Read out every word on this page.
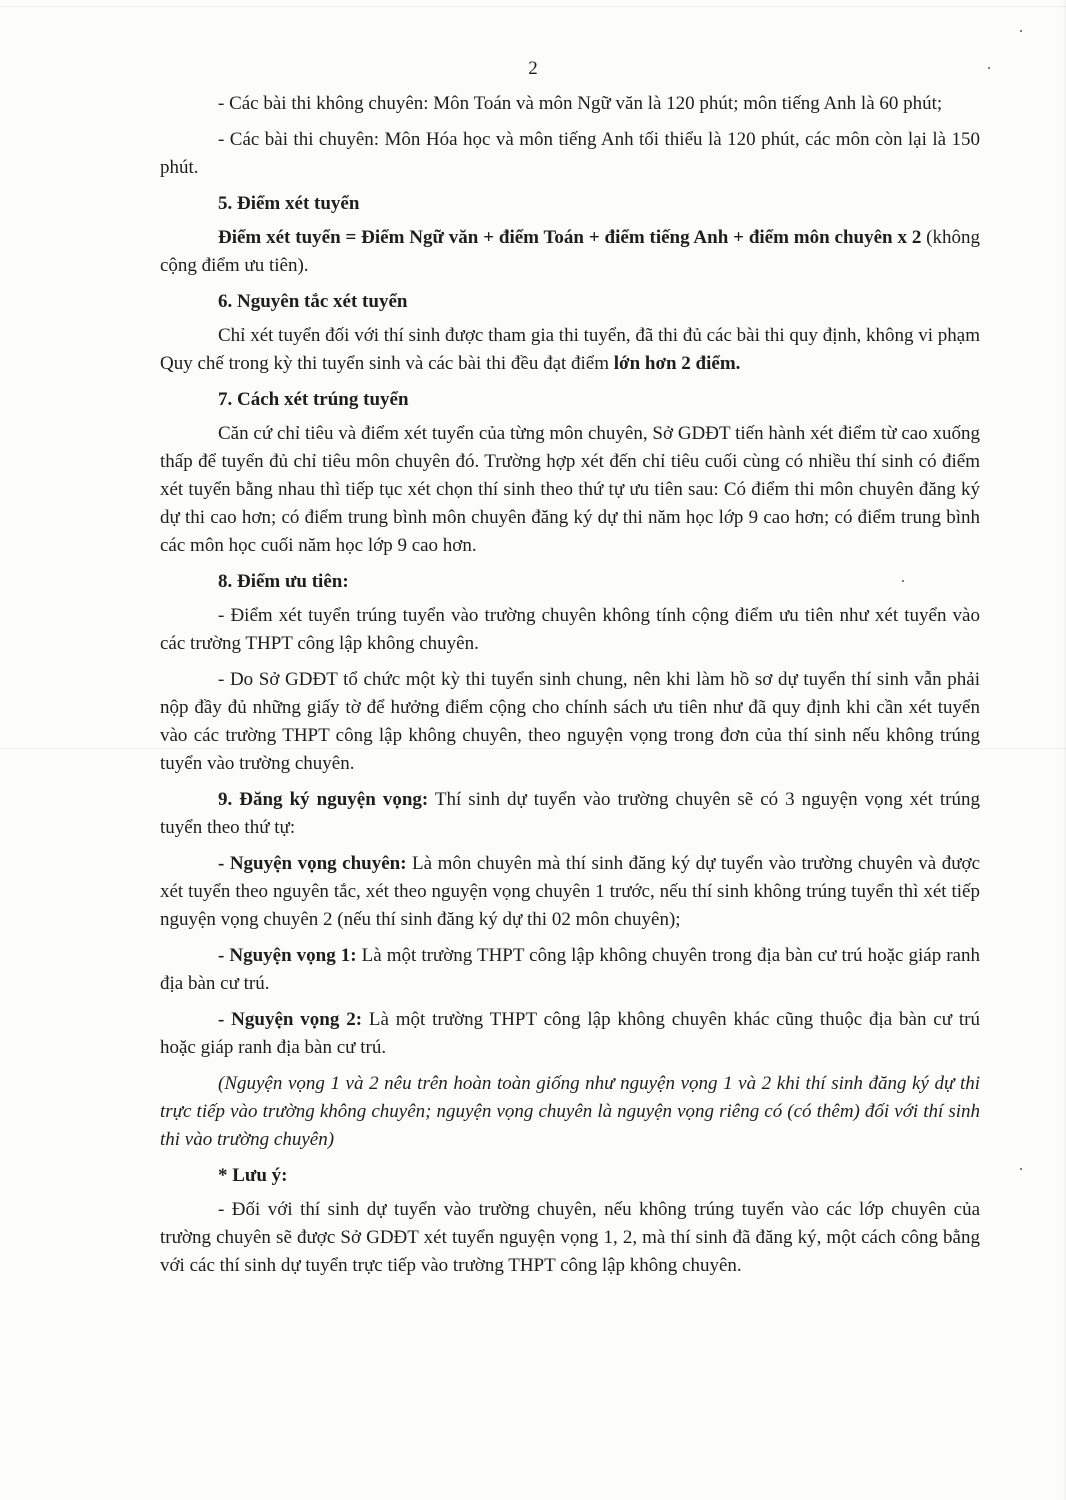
2

- Các bài thi không chuyên: Môn Toán và môn Ngữ văn là 120 phút; môn tiếng Anh là 60 phút;

- Các bài thi chuyên: Môn Hóa học và môn tiếng Anh tối thiểu là 120 phút, các môn còn lại là 150 phút.

5. Điểm xét tuyển

Điểm xét tuyển = Điểm Ngữ văn + điểm Toán + điểm tiếng Anh + điểm môn chuyên x 2 (không cộng điểm ưu tiên).

6. Nguyên tắc xét tuyển

Chỉ xét tuyển đối với thí sinh được tham gia thi tuyển, đã thi đủ các bài thi quy định, không vi phạm Quy chế trong kỳ thi tuyển sinh và các bài thi đều đạt điểm lớn hơn 2 điểm.

7. Cách xét trúng tuyển

Căn cứ chỉ tiêu và điểm xét tuyển của từng môn chuyên, Sở GDĐT tiến hành xét điểm từ cao xuống thấp để tuyển đủ chỉ tiêu môn chuyên đó. Trường hợp xét đến chỉ tiêu cuối cùng có nhiều thí sinh có điểm xét tuyển bằng nhau thì tiếp tục xét chọn thí sinh theo thứ tự ưu tiên sau: Có điểm thi môn chuyên đăng ký dự thi cao hơn; có điểm trung bình môn chuyên đăng ký dự thi năm học lớp 9 cao hơn; có điểm trung bình các môn học cuối năm học lớp 9 cao hơn.

8. Điểm ưu tiên:

- Điểm xét tuyển trúng tuyển vào trường chuyên không tính cộng điểm ưu tiên như xét tuyển vào các trường THPT công lập không chuyên.

- Do Sở GDĐT tổ chức một kỳ thi tuyển sinh chung, nên khi làm hồ sơ dự tuyển thí sinh vẫn phải nộp đầy đủ những giấy tờ để hưởng điểm cộng cho chính sách ưu tiên như đã quy định khi cần xét tuyển vào các trường THPT công lập không chuyên, theo nguyện vọng trong đơn của thí sinh nếu không trúng tuyển vào trường chuyên.

9. Đăng ký nguyện vọng: Thí sinh dự tuyển vào trường chuyên sẽ có 3 nguyện vọng xét trúng tuyển theo thứ tự:

- Nguyện vọng chuyên: Là môn chuyên mà thí sinh đăng ký dự tuyển vào trường chuyên và được xét tuyển theo nguyên tắc, xét theo nguyện vọng chuyên 1 trước, nếu thí sinh không trúng tuyển thì xét tiếp nguyện vọng chuyên 2 (nếu thí sinh đăng ký dự thi 02 môn chuyên);

- Nguyện vọng 1: Là một trường THPT công lập không chuyên trong địa bàn cư trú hoặc giáp ranh địa bàn cư trú.

- Nguyện vọng 2: Là một trường THPT công lập không chuyên khác cũng thuộc địa bàn cư trú hoặc giáp ranh địa bàn cư trú.

(Nguyện vọng 1 và 2 nêu trên hoàn toàn giống như nguyện vọng 1 và 2 khi thí sinh đăng ký dự thi trực tiếp vào trường không chuyên; nguyện vọng chuyên là nguyện vọng riêng có (có thêm) đối với thí sinh thi vào trường chuyên)

* Lưu ý:

- Đối với thí sinh dự tuyển vào trường chuyên, nếu không trúng tuyển vào các lớp chuyên của trường chuyên sẽ được Sở GDĐT xét tuyển nguyện vọng 1, 2, mà thí sinh đã đăng ký, một cách công bằng với các thí sinh dự tuyển trực tiếp vào trường THPT công lập không chuyên.
